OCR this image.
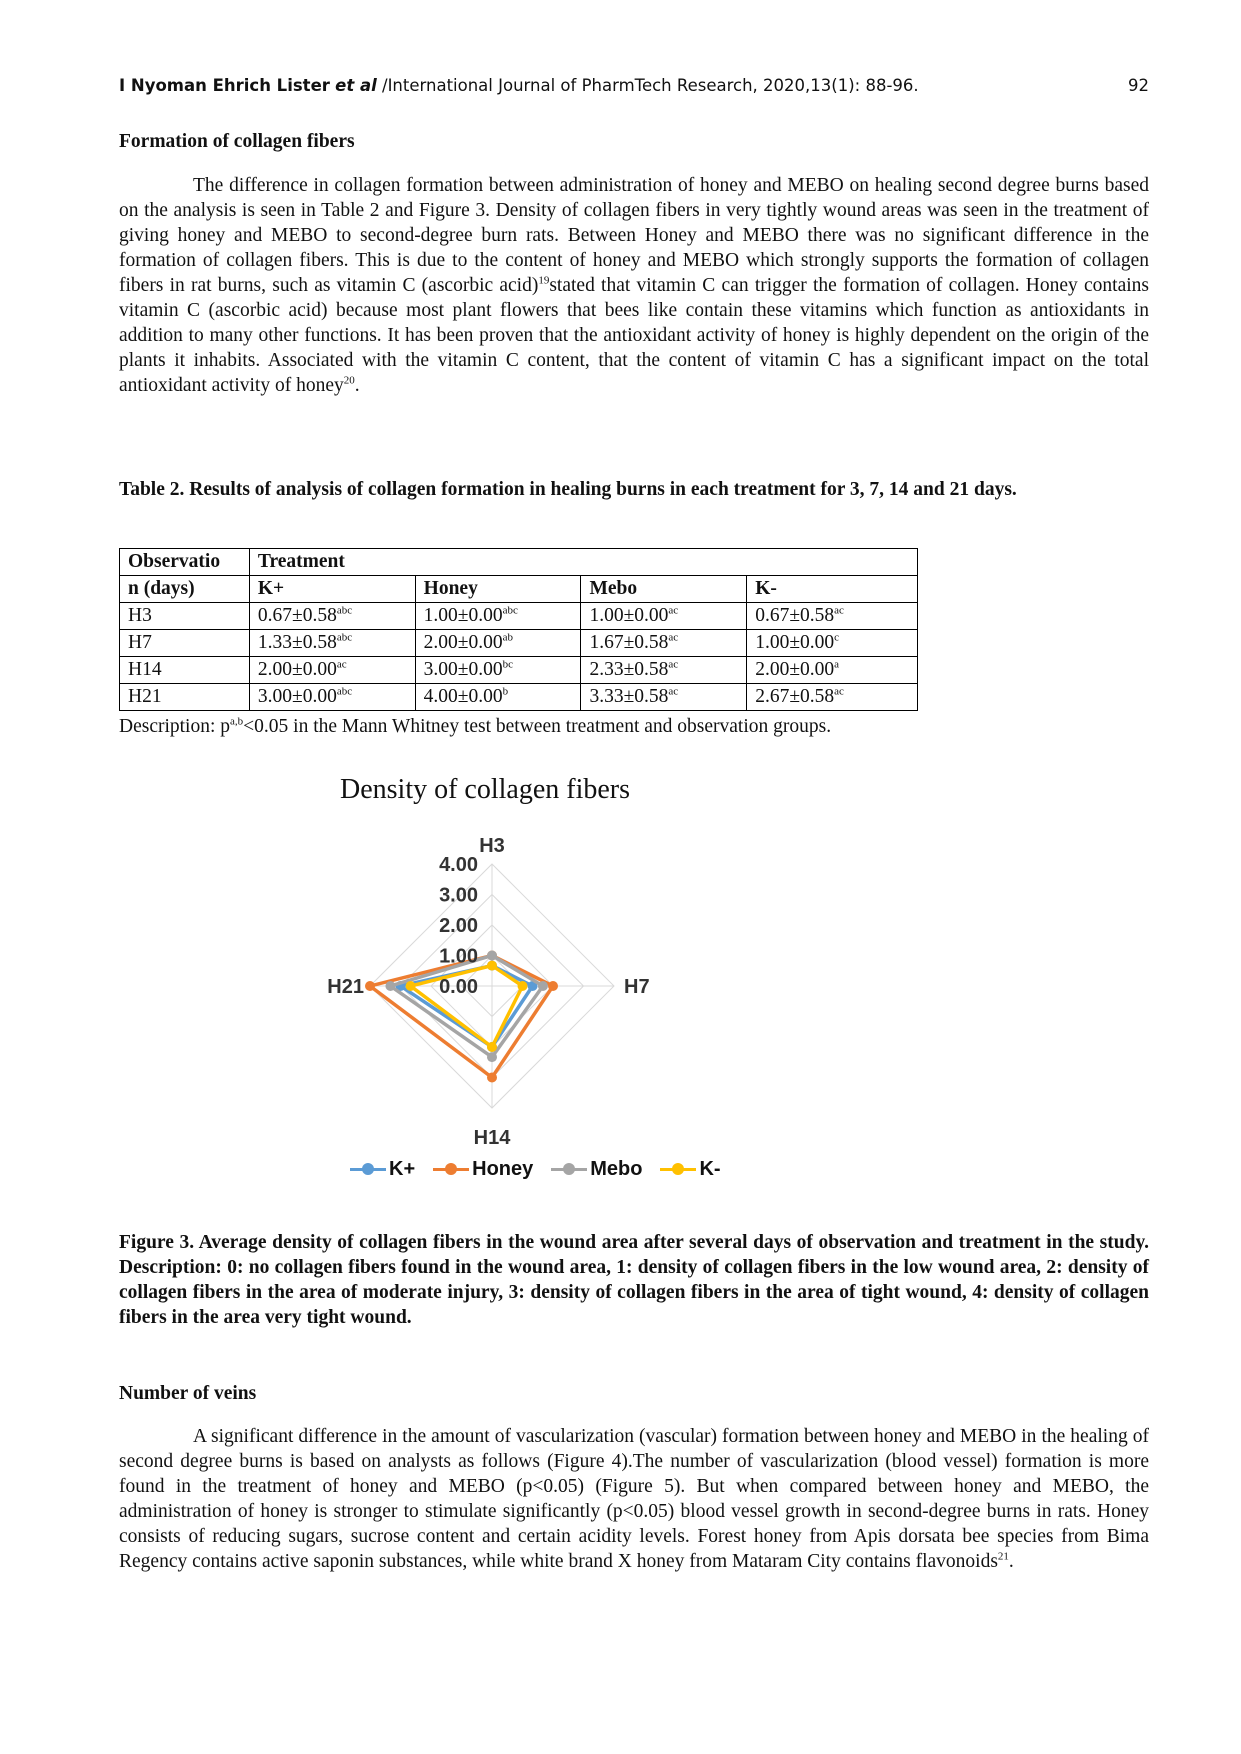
I Nyoman Ehrich Lister et al /International Journal of PharmTech Research, 2020,13(1): 88-96.	92
Formation of collagen fibers

The difference in collagen formation between administration of honey and MEBO on healing second degree burns based on the analysis is seen in Table 2 and Figure 3. Density of collagen fibers in very tightly wound areas was seen in the treatment of giving honey and MEBO to second-degree burn rats. Between Honey and MEBO there was no significant difference in the formation of collagen fibers. This is due to the content of honey and MEBO which strongly supports the formation of collagen fibers in rat burns, such as vitamin C (ascorbic acid)$^{19}$stated that vitamin C can trigger the formation of collagen. Honey contains vitamin C (ascorbic acid) because most plant flowers that bees like contain these vitamins which function as antioxidants in addition to many other functions. It has been proven that the antioxidant activity of honey is highly dependent on the origin of the plants it inhabits. Associated with the vitamin C content, that the content of vitamin C has a significant impact on the total antioxidant activity of honey$^{20}$.

Table 2. Results of analysis of collagen formation in healing burns in each treatment for 3, 7, 14 and 21 days.

Observatio	Treatment			
n (days)	K+	Honey	Mebo	K-
H3	0.67±0.58$^{abc}$	1.00±0.00$^{abc}$	1.00±0.00$^{ac}$	0.67±0.58$^{ac}$
H7	1.33±0.58$^{abc}$	2.00±0.00$^{ab}$	1.67±0.58$^{ac}$	1.00±0.00$^c$
H14	2.00±0.00$^{ac}$	3.00±0.00$^{bc}$	2.33±0.58$^{ac}$	2.00±0.00$^a$
H21	3.00±0.00$^{abc}$	4.00±0.00$^b$	3.33±0.58$^{ac}$	2.67±0.58$^{ac}$
Description: $p^{a,b}<0.05$ in the Mann Whitney test between treatment and observation groups.
Density of collagen fibers
0.00
1.00
2.00
3.00
4.00
H3
H7
H14
H21
K+	Honey	Mebo	K-

Figure 3. Average density of collagen fibers in the wound area after several days of observation and treatment in the study. Description: 0: no collagen fibers found in the wound area, 1: density of collagen fibers in the low wound area, 2: density of collagen fibers in the area of moderate injury, 3: density of collagen fibers in the area of tight wound, 4: density of collagen fibers in the area very tight wound.

Number of veins

A significant difference in the amount of vascularization (vascular) formation between honey and MEBO in the healing of second degree burns is based on analysts as follows (Figure 4).The number of vascularization (blood vessel) formation is more found in the treatment of honey and MEBO (p<0.05) (Figure 5). But when compared between honey and MEBO, the administration of honey is stronger to stimulate significantly (p<0.05) blood vessel growth in second-degree burns in rats. Honey consists of reducing sugars, sucrose content and certain acidity levels. Forest honey from Apis dorsata bee species from Bima Regency contains active saponin substances, while white brand X honey from Mataram City contains flavonoids$^{21}$.
